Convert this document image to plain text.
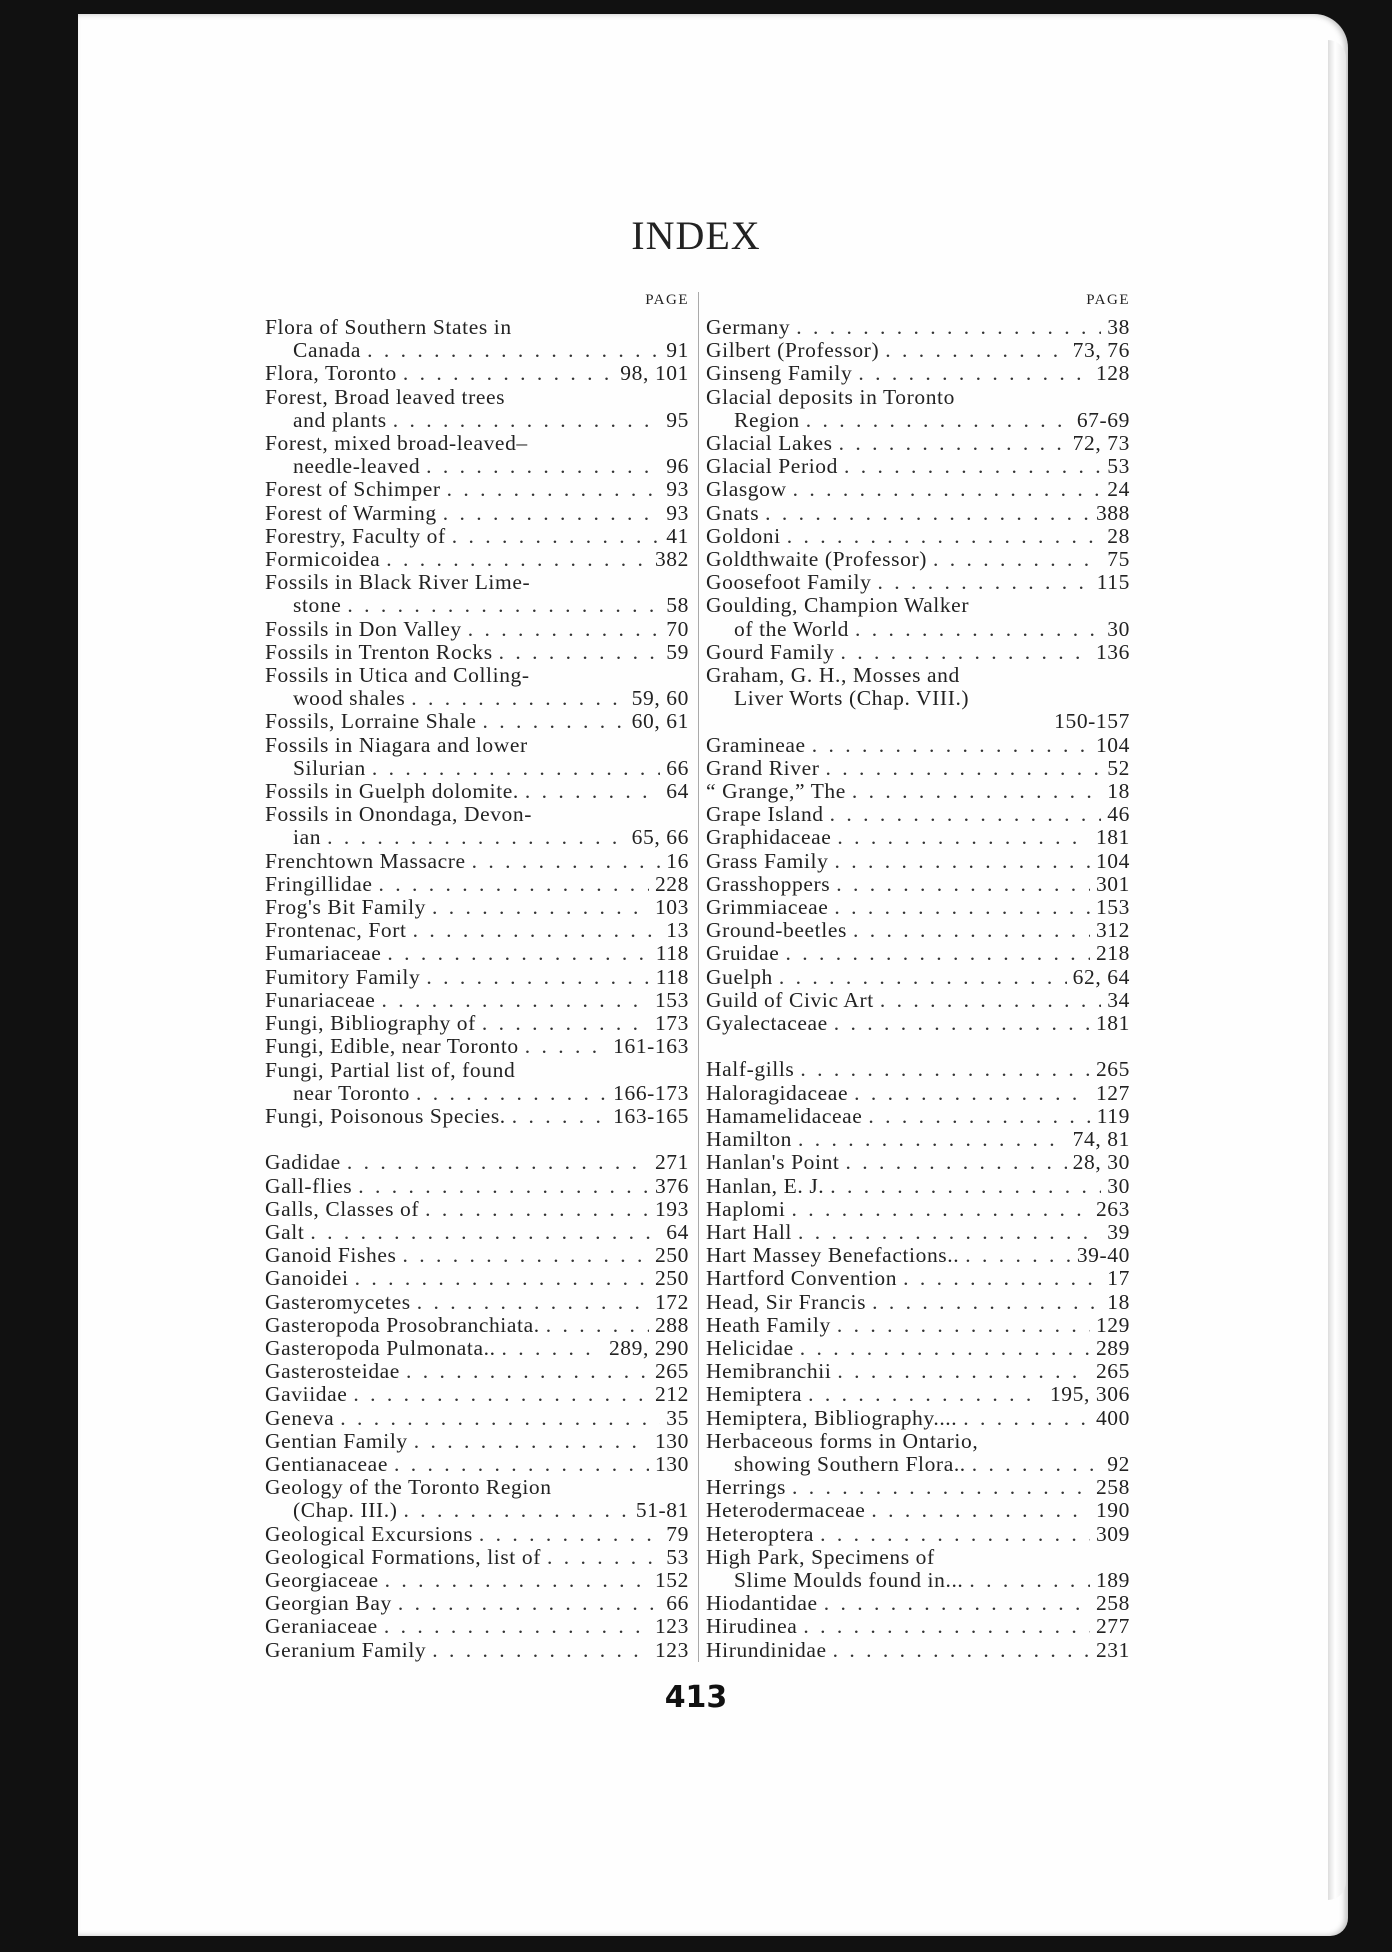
INDEX
PAGE
Flora of Southern States in
Canada . . .	91
Flora, Toronto . . .	98, 101
Forest, Broad leaved trees
and plants . . .	95
Forest, mixed broad-leaved–
needle-leaved . . .	96
Forest of Schimper . . .	93
Forest of Warming . . .	93
Forestry, Faculty of . . .	41
Formicoidea . . .	382
Fossils in Black River Lime-
stone . . .	58
Fossils in Don Valley . . .	70
Fossils in Trenton Rocks . . .	59
Fossils in Utica and Colling-
wood shales . . .	59, 60
Fossils, Lorraine Shale . . .	60, 61
Fossils in Niagara and lower
Silurian . . .	66
Fossils in Guelph dolomite. . . .	64
Fossils in Onondaga, Devon-
ian . . .	65, 66
Frenchtown Massacre . . .	16
Fringillidae . . .	228
Frog's Bit Family . . .	103
Frontenac, Fort . . .	13
Fumariaceae . . .	118
Fumitory Family . . .	118
Funariaceae . . .	153
Fungi, Bibliography of . . .	173
Fungi, Edible, near Toronto . . .	161-163
Fungi, Partial list of, found
near Toronto . . .	166-173
Fungi, Poisonous Species. . . .	163-165
Gadidae . . .	271
Gall-flies . . .	376
Galls, Classes of . . .	193
Galt . . .	64
Ganoid Fishes . . .	250
Ganoidei . . .	250
Gasteromycetes . . .	172
Gasteropoda Prosobranchiata. . . .	288
Gasteropoda Pulmonata.. . . .	289, 290
Gasterosteidae . . .	265
Gaviidae . . .	212
Geneva . . .	35
Gentian Family . . .	130
Gentianaceae . . .	130
Geology of the Toronto Region
(Chap. III.) . . .	51-81
Geological Excursions . . .	79
Geological Formations, list of . . .	53
Georgiaceae . . .	152
Georgian Bay . . .	66
Geraniaceae . . .	123
Geranium Family . . .	123
PAGE
Germany . . .	38
Gilbert (Professor) . . .	73, 76
Ginseng Family . . .	128
Glacial deposits in Toronto
Region . . .	67-69
Glacial Lakes . . .	72, 73
Glacial Period . . .	53
Glasgow . . .	24
Gnats . . .	388
Goldoni . . .	28
Goldthwaite (Professor) . . .	75
Goosefoot Family . . .	115
Goulding, Champion Walker
of the World . . .	30
Gourd Family . . .	136
Graham, G. H., Mosses and
Liver Worts (Chap. VIII.)
150-157
Gramineae . . .	104
Grand River . . .	52
“ Grange,” The . . .	18
Grape Island . . .	46
Graphidaceae . . .	181
Grass Family . . .	104
Grasshoppers . . .	301
Grimmiaceae . . .	153
Ground-beetles . . .	312
Gruidae . . .	218
Guelph . . .	62, 64
Guild of Civic Art . . .	34
Gyalectaceae . . .	181
Half-gills . . .	265
Haloragidaceae . . .	127
Hamamelidaceae . . .	119
Hamilton . . .	74, 81
Hanlan's Point . . .	28, 30
Hanlan, E. J. . . .	30
Haplomi . . .	263
Hart Hall . . .	39
Hart Massey Benefactions.. . . .	39-40
Hartford Convention . . .	17
Head, Sir Francis . . .	18
Heath Family . . .	129
Helicidae . . .	289
Hemibranchii . . .	265
Hemiptera . . .	195, 306
Hemiptera, Bibliography.... . . .	400
Herbaceous forms in Ontario,
showing Southern Flora.. . . .	92
Herrings . . .	258
Heterodermaceae . . .	190
Heteroptera . . .	309
High Park, Specimens of
Slime Moulds found in... . . .	189
Hiodantidae . . .	258
Hirudinea . . .	277
Hirundinidae . . .	231
413
